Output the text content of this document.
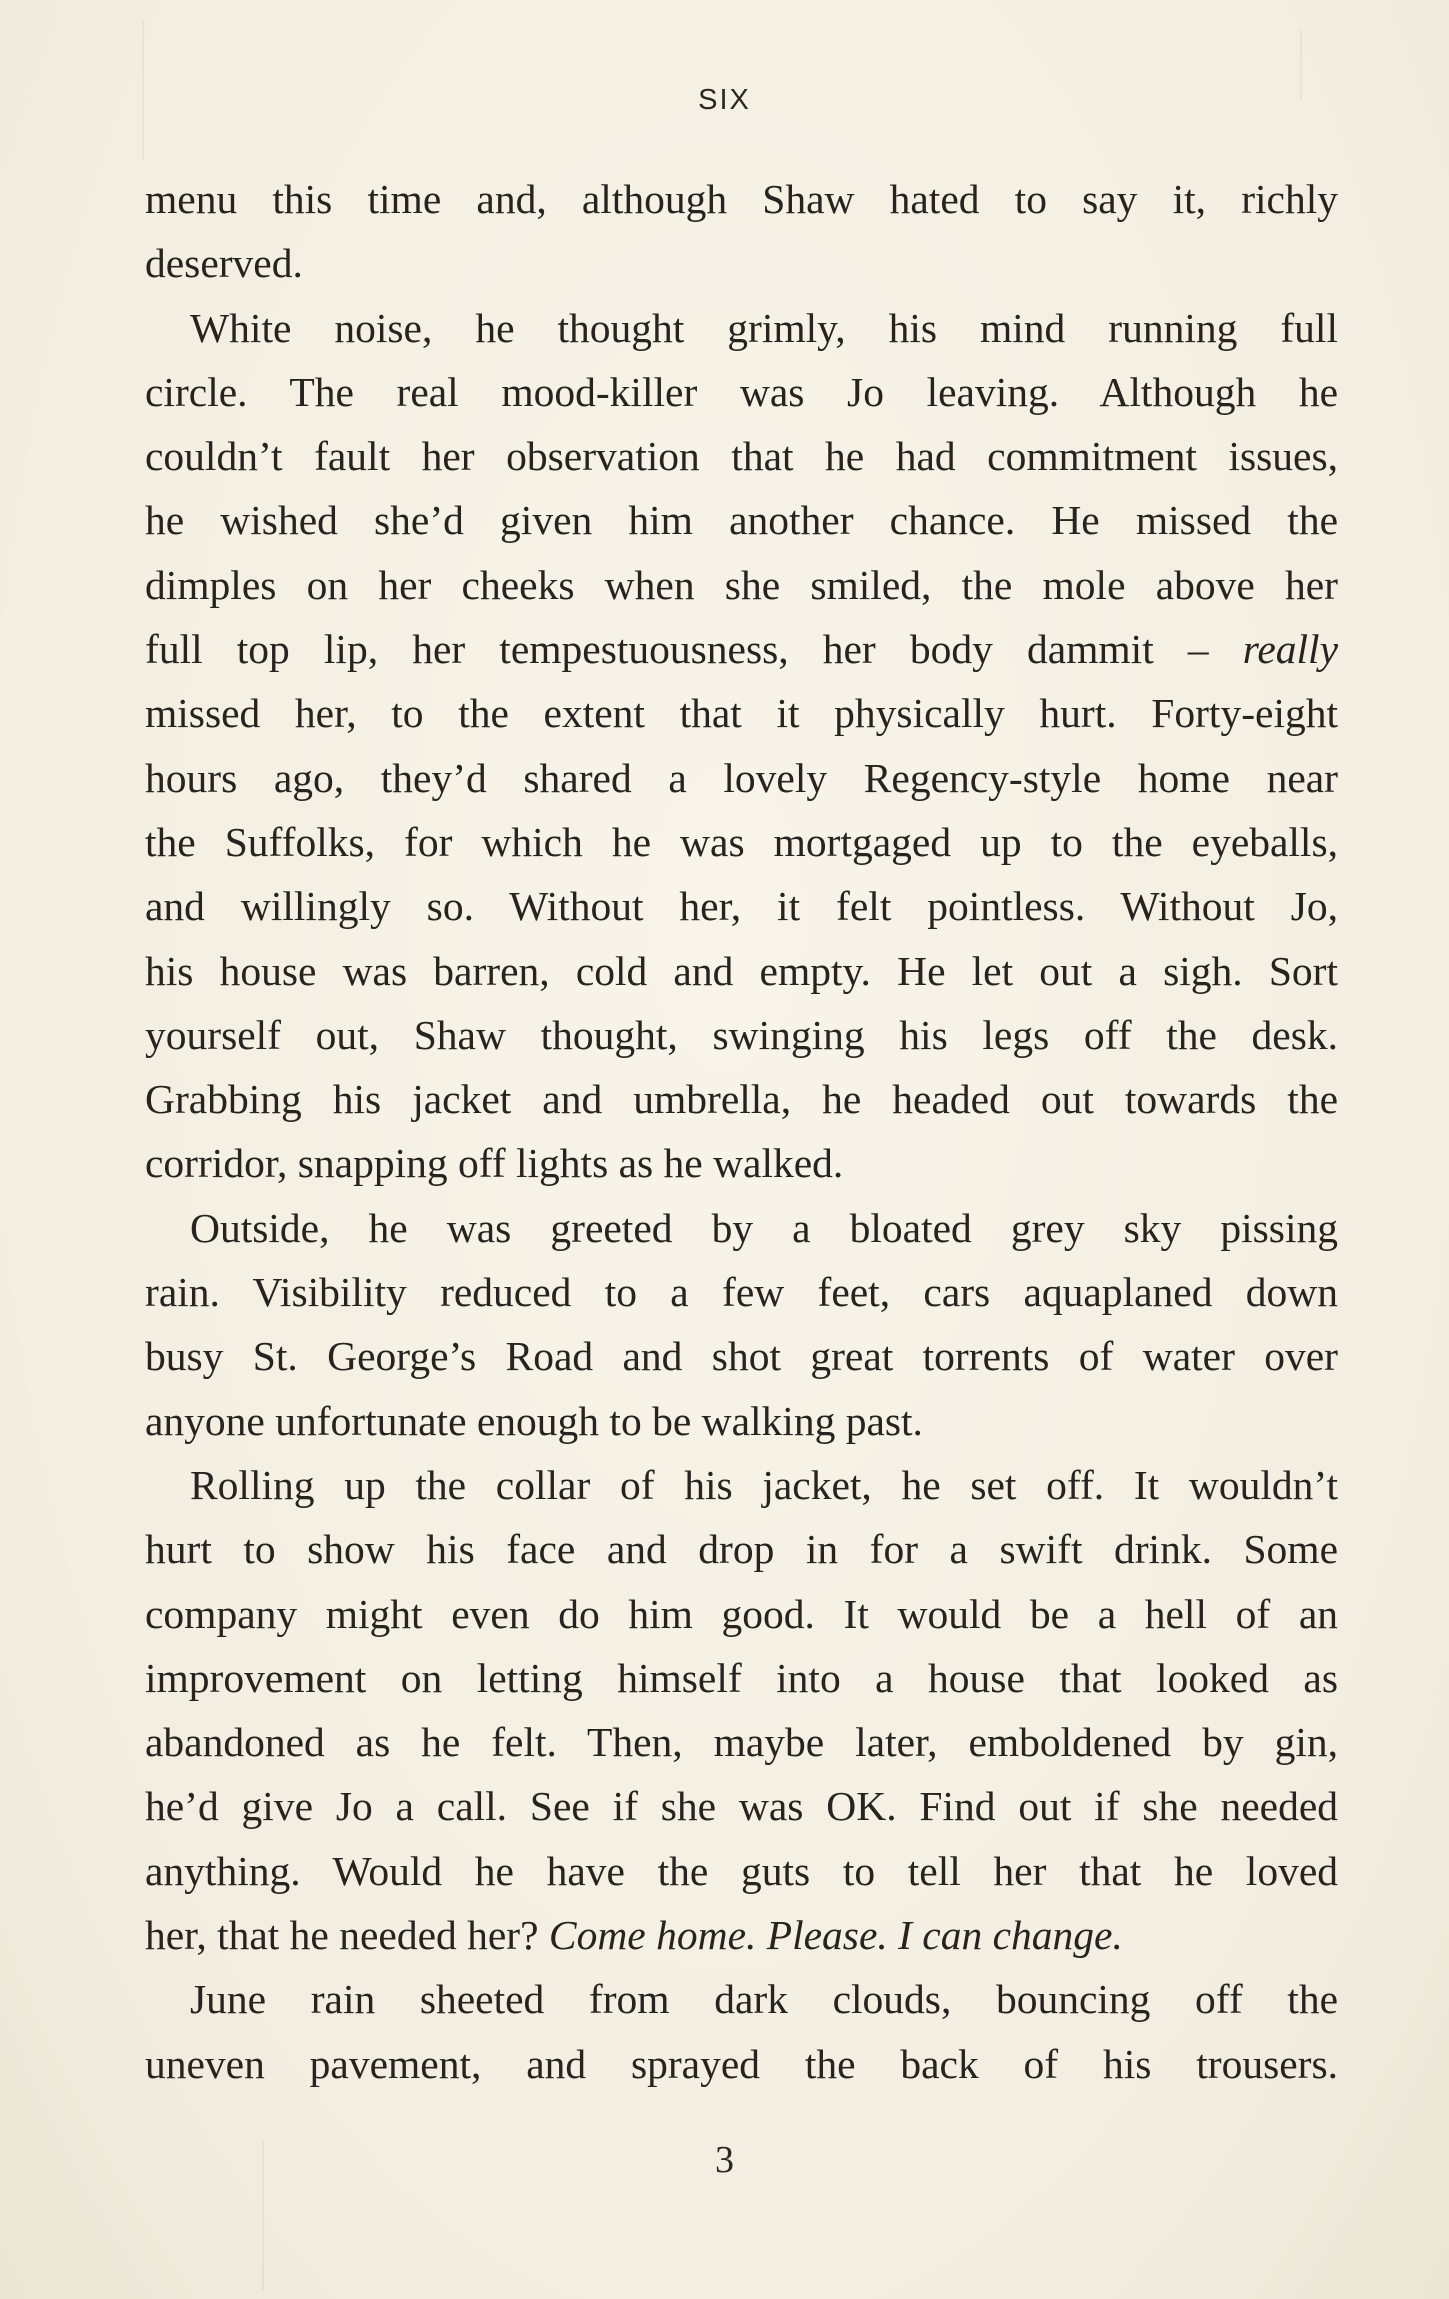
SIX
menu this time and, although Shaw hated to say it, richly
deserved.
White noise, he thought grimly, his mind running full
circle. The real mood-killer was Jo leaving. Although he
couldn’t fault her observation that he had commitment issues,
he wished she’d given him another chance. He missed the
dimples on her cheeks when she smiled, the mole above her
full top lip, her tempestuousness, her body dammit – really
missed her, to the extent that it physically hurt. Forty-eight
hours ago, they’d shared a lovely Regency-style home near
the Suffolks, for which he was mortgaged up to the eyeballs,
and willingly so. Without her, it felt pointless. Without Jo,
his house was barren, cold and empty. He let out a sigh. Sort
yourself out, Shaw thought, swinging his legs off the desk.
Grabbing his jacket and umbrella, he headed out towards the
corridor, snapping off lights as he walked.
Outside, he was greeted by a bloated grey sky pissing
rain. Visibility reduced to a few feet, cars aquaplaned down
busy St. George’s Road and shot great torrents of water over
anyone unfortunate enough to be walking past.
Rolling up the collar of his jacket, he set off. It wouldn’t
hurt to show his face and drop in for a swift drink. Some
company might even do him good. It would be a hell of an
improvement on letting himself into a house that looked as
abandoned as he felt. Then, maybe later, emboldened by gin,
he’d give Jo a call. See if she was OK. Find out if she needed
anything. Would he have the guts to tell her that he loved
her, that he needed her? Come home. Please. I can change.
June rain sheeted from dark clouds, bouncing off the
uneven pavement, and sprayed the back of his trousers.
3
